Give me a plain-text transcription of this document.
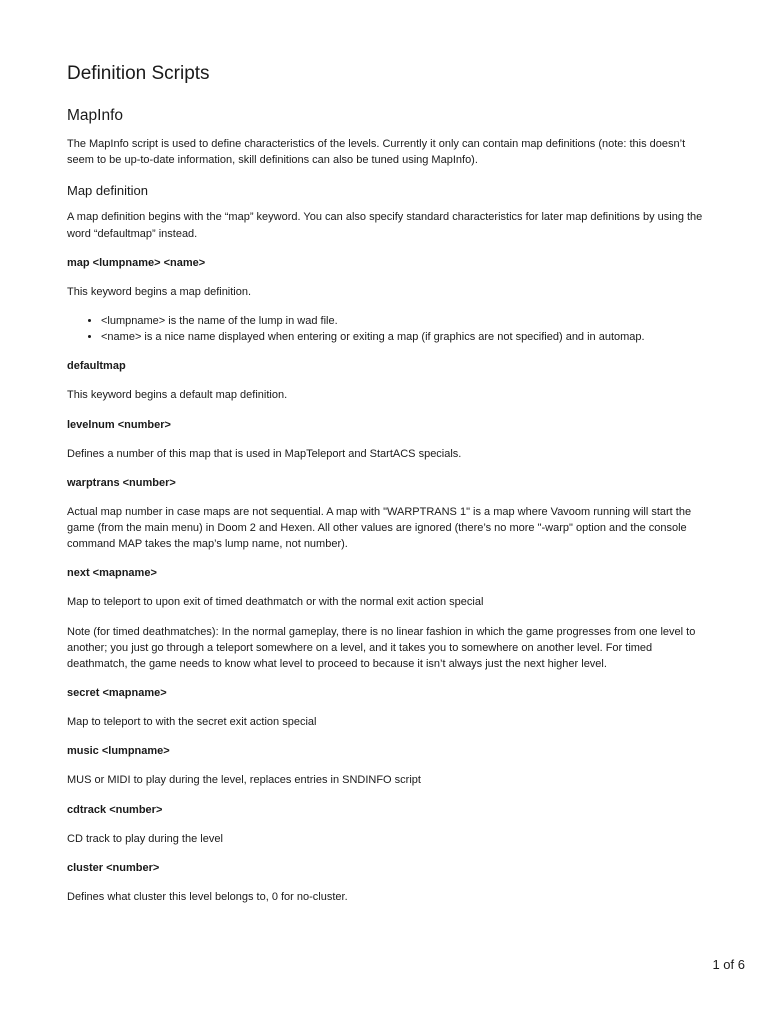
Definition Scripts
MapInfo

The MapInfo script is used to define characteristics of the levels. Currently it only can contain map definitions (note: this doesn’t seem to be up-to-date information, skill definitions can also be tuned using MapInfo).

Map definition

A map definition begins with the “map” keyword. You can also specify standard characteristics for later map definitions by using the word “defaultmap” instead.

map <lumpname> <name>

This keyword begins a map definition.

• <lumpname> is the name of the lump in wad file.
• <name> is a nice name displayed when entering or exiting a map (if graphics are not specified) and in automap.
defaultmap

This keyword begins a default map definition.

levelnum <number>

Defines a number of this map that is used in MapTeleport and StartACS specials.

warptrans <number>

Actual map number in case maps are not sequential. A map with "WARPTRANS 1" is a map where Vavoom running will start the game (from the main menu) in Doom 2 and Hexen. All other values are ignored (there’s no more "-warp" option and the console command MAP takes the map’s lump name, not number).

next <mapname>

Map to teleport to upon exit of timed deathmatch or with the normal exit action special

Note (for timed deathmatches): In the normal gameplay, there is no linear fashion in which the game progresses from one level to another; you just go through a teleport somewhere on a level, and it takes you to somewhere on another level. For timed deathmatch, the game needs to know what level to proceed to because it isn’t always just the next higher level.

secret <mapname>

Map to teleport to with the secret exit action special

music <lumpname>

MUS or MIDI to play during the level, replaces entries in SNDINFO script

cdtrack <number>

CD track to play during the level

cluster <number>

Defines what cluster this level belongs to, 0 for no-cluster.

1 of 6
